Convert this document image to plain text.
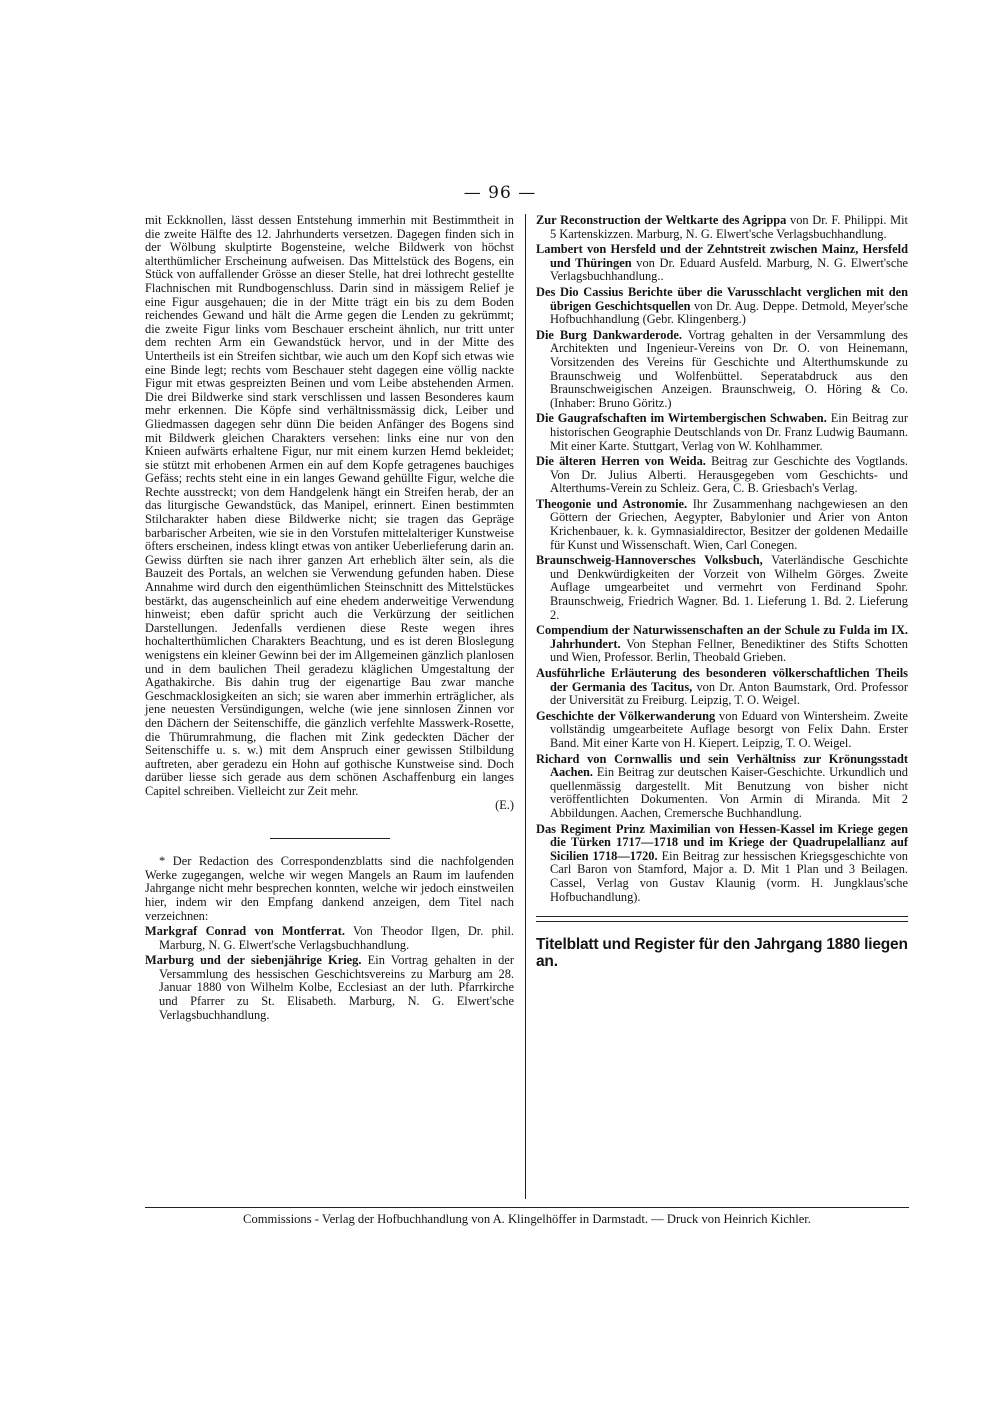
— 96 —

mit Eckknollen, lässt dessen Entstehung immerhin mit Bestimmtheit in die zweite Hälfte des 12. Jahrhunderts versetzen. Dagegen finden sich in der Wölbung skulptirte Bogensteine, welche Bildwerk von höchst alterthümlicher Erscheinung aufweisen. Das Mittelstück des Bogens, ein Stück von auffallender Grösse an dieser Stelle, hat drei lothrecht gestellte Flachnischen mit Rundbogenschluss. Darin sind in mässigem Relief je eine Figur ausgehauen; die in der Mitte trägt ein bis zu dem Boden reichendes Gewand und hält die Arme gegen die Lenden zu gekrümmt; die zweite Figur links vom Beschauer erscheint ähnlich, nur tritt unter dem rechten Arm ein Gewandstück hervor, und in der Mitte des Untertheils ist ein Streifen sichtbar, wie auch um den Kopf sich etwas wie eine Binde legt; rechts vom Beschauer steht dagegen eine völlig nackte Figur mit etwas gespreizten Beinen und vom Leibe abstehenden Armen. Die drei Bildwerke sind stark verschlissen und lassen Besonderes kaum mehr erkennen. Die Köpfe sind verhältnissmässig dick, Leiber und Gliedmassen dagegen sehr dünn Die beiden Anfänger des Bogens sind mit Bildwerk gleichen Charakters versehen: links eine nur von den Knieen aufwärts erhaltene Figur, nur mit einem kurzen Hemd bekleidet; sie stützt mit erhobenen Armen ein auf dem Kopfe getragenes bauchiges Gefäss; rechts steht eine in ein langes Gewand gehüllte Figur, welche die Rechte ausstreckt; von dem Handgelenk hängt ein Streifen herab, der an das liturgische Gewandstück, das Manipel, erinnert. Einen bestimmten Stilcharakter haben diese Bildwerke nicht; sie tragen das Gepräge barbarischer Arbeiten, wie sie in den Vorstufen mittelalteriger Kunstweise öfters erscheinen, indess klingt etwas von antiker Ueberlieferung darin an. Gewiss dürften sie nach ihrer ganzen Art erheblich älter sein, als die Bauzeit des Portals, an welchen sie Verwendung gefunden haben. Diese Annahme wird durch den eigenthümlichen Steinschnitt des Mittelstückes bestärkt, das augenscheinlich auf eine ehedem anderweitige Verwendung hinweist; eben dafür spricht auch die Verkürzung der seitlichen Darstellungen. Jedenfalls verdienen diese Reste wegen ihres hochalterthümlichen Charakters Beachtung, und es ist deren Bloslegung wenigstens ein kleiner Gewinn bei der im Allgemeinen gänzlich planlosen und in dem baulichen Theil geradezu kläglichen Umgestaltung der Agathakirche. Bis dahin trug der eigenartige Bau zwar manche Geschmacklosigkeiten an sich; sie waren aber immerhin erträglicher, als jene neuesten Versündigungen, welche (wie jene sinnlosen Zinnen vor den Dächern der Seitenschiffe, die gänzlich verfehlte Masswerk-Rosette, die Thürumrahmung, die flachen mit Zink gedeckten Dächer der Seitenschiffe u. s. w.) mit dem Anspruch einer gewissen Stilbildung auftreten, aber geradezu ein Hohn auf gothische Kunstweise sind. Doch darüber liesse sich gerade aus dem schönen Aschaffenburg ein langes Capitel schreiben. Vielleicht zur Zeit mehr.
(E.)

* Der Redaction des Correspondenzblatts sind die nachfolgenden Werke zugegangen, welche wir wegen Mangels an Raum im laufenden Jahrgange nicht mehr besprechen konnten, welche wir jedoch einstweilen hier, indem wir den Empfang dankend anzeigen, dem Titel nach verzeichnen:

Markgraf Conrad von Montferrat. Von Theodor Ilgen, Dr. phil. Marburg, N. G. Elwert'sche Verlagsbuchhandlung.

Marburg und der siebenjährige Krieg. Ein Vortrag gehalten in der Versammlung des hessischen Geschichtsvereins zu Marburg am 28. Januar 1880 von Wilhelm Kolbe, Ecclesiast an der luth. Pfarrkirche und Pfarrer zu St. Elisabeth. Marburg, N. G. Elwert'sche Verlagsbuchhandlung.

Zur Reconstruction der Weltkarte des Agrippa von Dr. F. Philippi. Mit 5 Kartenskizzen. Marburg, N. G. Elwert'sche Verlagsbuchhandlung.

Lambert von Hersfeld und der Zehntstreit zwischen Mainz, Hersfeld und Thüringen von Dr. Eduard Ausfeld. Marburg, N. G. Elwert'sche Verlagsbuchhandlung..

Des Dio Cassius Berichte über die Varusschlacht verglichen mit den übrigen Geschichtsquellen von Dr. Aug. Deppe. Detmold, Meyer'sche Hofbuchhandlung (Gebr. Klingenberg.)

Die Burg Dankwarderode. Vortrag gehalten in der Versammlung des Architekten und Ingenieur-Vereins von Dr. O. von Heinemann, Vorsitzenden des Vereins für Geschichte und Alterthumskunde zu Braunschweig und Wolfenbüttel. Seperatabdruck aus den Braunschweigischen Anzeigen. Braunschweig, O. Höring & Co. (Inhaber: Bruno Göritz.)

Die Gaugrafschaften im Wirtembergischen Schwaben. Ein Beitrag zur historischen Geographie Deutschlands von Dr. Franz Ludwig Baumann. Mit einer Karte. Stuttgart, Verlag von W. Kohlhammer.

Die älteren Herren von Weida. Beitrag zur Geschichte des Vogtlands. Von Dr. Julius Alberti. Herausgegeben vom Geschichts- und Alterthums-Verein zu Schleiz. Gera, C. B. Griesbach's Verlag.

Theogonie und Astronomie. Ihr Zusammenhang nachgewiesen an den Göttern der Griechen, Aegypter, Babylonier und Arier von Anton Krichenbauer, k. k. Gymnasialdirector, Besitzer der goldenen Medaille für Kunst und Wissenschaft. Wien, Carl Conegen.

Braunschweig-Hannoversches Volksbuch, Vaterländische Geschichte und Denkwürdigkeiten der Vorzeit von Wilhelm Görges. Zweite Auflage umgearbeitet und vermehrt von Ferdinand Spohr. Braunschweig, Friedrich Wagner. Bd. 1. Lieferung 1. Bd. 2. Lieferung 2.

Compendium der Naturwissenschaften an der Schule zu Fulda im IX. Jahrhundert. Von Stephan Fellner, Benediktiner des Stifts Schotten und Wien, Professor. Berlin, Theobald Grieben.

Ausführliche Erläuterung des besonderen völkerschaftlichen Theils der Germania des Tacitus, von Dr. Anton Baumstark, Ord. Professor der Universität zu Freiburg. Leipzig, T. O. Weigel.

Geschichte der Völkerwanderung von Eduard von Wintersheim. Zweite vollständig umgearbeitete Auflage besorgt von Felix Dahn. Erster Band. Mit einer Karte von H. Kiepert. Leipzig, T. O. Weigel.

Richard von Cornwallis und sein Verhältniss zur Krönungsstadt Aachen. Ein Beitrag zur deutschen Kaiser-Geschichte. Urkundlich und quellenmässig dargestellt. Mit Benutzung von bisher nicht veröffentlichten Dokumenten. Von Armin di Miranda. Mit 2 Abbildungen. Aachen, Cremersche Buchhandlung.

Das Regiment Prinz Maximilian von Hessen-Kassel im Kriege gegen die Türken 1717—1718 und im Kriege der Quadrupelallianz auf Sicilien 1718—1720. Ein Beitrag zur hessischen Kriegsgeschichte von Carl Baron von Stamford, Major a. D. Mit 1 Plan und 3 Beilagen. Cassel, Verlag von Gustav Klaunig (vorm. H. Jungklaus'sche Hofbuchandlung).

Titelblatt und Register für den Jahrgang 1880 liegen an.

Commissions - Verlag der Hofbuchhandlung von A. Klingelhöffer in Darmstadt. — Druck von Heinrich Kichler.
